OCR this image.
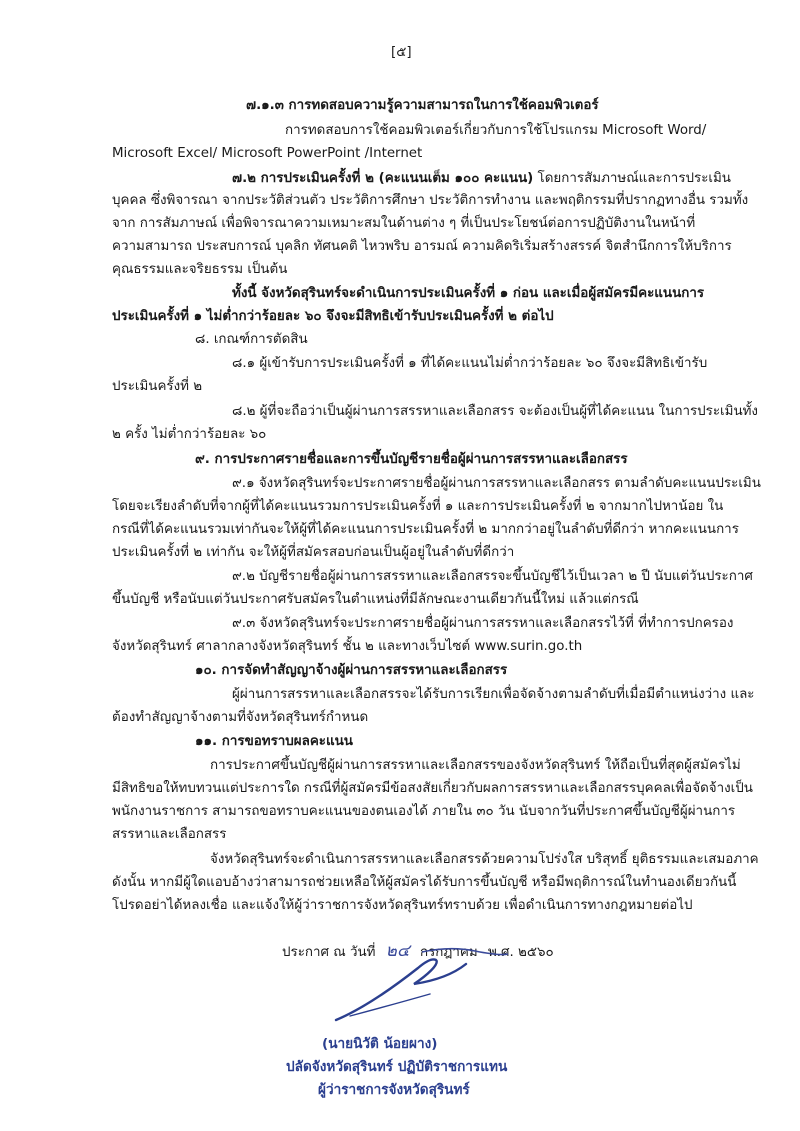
[๕]
๗.๑.๓ การทดสอบความรู้ความสามารถในการใช้คอมพิวเตอร์
การทดสอบการใช้คอมพิวเตอร์เกี่ยวกับการใช้โปรแกรม Microsoft Word/
Microsoft Excel/ Microsoft PowerPoint /Internet
๗.๒ การประเมินครั้งที่ ๒ (คะแนนเต็ม ๑๐๐ คะแนน) โดยการสัมภาษณ์และการประเมิน
บุคคล ซึ่งพิจารณา จากประวัติส่วนตัว ประวัติการศึกษา ประวัติการทำงาน และพฤติกรรมที่ปรากฏทางอื่น รวมทั้ง
จาก การสัมภาษณ์ เพื่อพิจารณาความเหมาะสมในด้านต่าง ๆ ที่เป็นประโยชน์ต่อการปฏิบัติงานในหน้าที่
ความสามารถ ประสบการณ์ บุคลิก ทัศนคติ ไหวพริบ อารมณ์ ความคิดริเริ่มสร้างสรรค์ จิตสำนึกการให้บริการ
คุณธรรมและจริยธรรม เป็นต้น
ทั้งนี้ จังหวัดสุรินทร์จะดำเนินการประเมินครั้งที่ ๑ ก่อน และเมื่อผู้สมัครมีคะแนนการ
ประเมินครั้งที่ ๑ ไม่ต่ำกว่าร้อยละ ๖๐ จึงจะมีสิทธิเข้ารับประเมินครั้งที่ ๒ ต่อไป
๘. เกณฑ์การตัดสิน
๘.๑ ผู้เข้ารับการประเมินครั้งที่ ๑ ที่ได้คะแนนไม่ต่ำกว่าร้อยละ ๖๐ จึงจะมีสิทธิเข้ารับ
ประเมินครั้งที่ ๒
๘.๒ ผู้ที่จะถือว่าเป็นผู้ผ่านการสรรหาและเลือกสรร จะต้องเป็นผู้ที่ได้คะแนน ในการประเมินทั้ง
๒ ครั้ง ไม่ต่ำกว่าร้อยละ ๖๐
๙. การประกาศรายชื่อและการขึ้นบัญชีรายชื่อผู้ผ่านการสรรหาและเลือกสรร
๙.๑ จังหวัดสุรินทร์จะประกาศรายชื่อผู้ผ่านการสรรหาและเลือกสรร ตามลำดับคะแนนประเมิน
โดยจะเรียงลำดับที่จากผู้ที่ได้คะแนนรวมการประเมินครั้งที่ ๑ และการประเมินครั้งที่ ๒ จากมากไปหาน้อย ใน
กรณีที่ได้คะแนนรวมเท่ากันจะให้ผู้ที่ได้คะแนนการประเมินครั้งที่ ๒ มากกว่าอยู่ในลำดับที่ดีกว่า หากคะแนนการ
ประเมินครั้งที่ ๒ เท่ากัน จะให้ผู้ที่สมัครสอบก่อนเป็นผู้อยู่ในลำดับที่ดีกว่า
๙.๒ บัญชีรายชื่อผู้ผ่านการสรรหาและเลือกสรรจะขึ้นบัญชีไว้เป็นเวลา ๒ ปี นับแต่วันประกาศ
ขึ้นบัญชี หรือนับแต่วันประกาศรับสมัครในตำแหน่งที่มีลักษณะงานเดียวกันนี้ใหม่ แล้วแต่กรณี
๙.๓ จังหวัดสุรินทร์จะประกาศรายชื่อผู้ผ่านการสรรหาและเลือกสรรไว้ที่ ที่ทำการปกครอง
จังหวัดสุรินทร์ ศาลากลางจังหวัดสุรินทร์ ชั้น ๒ และทางเว็บไซต์ www.surin.go.th
๑๐. การจัดทำสัญญาจ้างผู้ผ่านการสรรหาและเลือกสรร
ผู้ผ่านการสรรหาและเลือกสรรจะได้รับการเรียกเพื่อจัดจ้างตามลำดับที่เมื่อมีตำแหน่งว่าง และ
ต้องทำสัญญาจ้างตามที่จังหวัดสุรินทร์กำหนด
๑๑. การขอทราบผลคะแนน
การประกาศขึ้นบัญชีผู้ผ่านการสรรหาและเลือกสรรของจังหวัดสุรินทร์ ให้ถือเป็นที่สุดผู้สมัครไม่
มีสิทธิขอให้ทบทวนแต่ประการใด กรณีที่ผู้สมัครมีข้อสงสัยเกี่ยวกับผลการสรรหาและเลือกสรรบุคคลเพื่อจัดจ้างเป็น
พนักงานราชการ สามารถขอทราบคะแนนของตนเองได้ ภายใน ๓๐ วัน นับจากวันที่ประกาศขึ้นบัญชีผู้ผ่านการ
สรรหาและเลือกสรร
จังหวัดสุรินทร์จะดำเนินการสรรหาและเลือกสรรด้วยความโปร่งใส บริสุทธิ์ ยุติธรรมและเสมอภาค
ดังนั้น หากมีผู้ใดแอบอ้างว่าสามารถช่วยเหลือให้ผู้สมัครได้รับการขึ้นบัญชี หรือมีพฤติการณ์ในทำนองเดียวกันนี้
โปรดอย่าได้หลงเชื่อ และแจ้งให้ผู้ว่าราชการจังหวัดสุรินทร์ทราบด้วย เพื่อดำเนินการทางกฎหมายต่อไป
ประกาศ ณ วันที่ ๒๔ กรกฎาคม พ.ศ. ๒๕๖๐
(นายนิวัติ น้อยผาง)
ปลัดจังหวัดสุรินทร์ ปฏิบัติราชการแทน
ผู้ว่าราชการจังหวัดสุรินทร์
